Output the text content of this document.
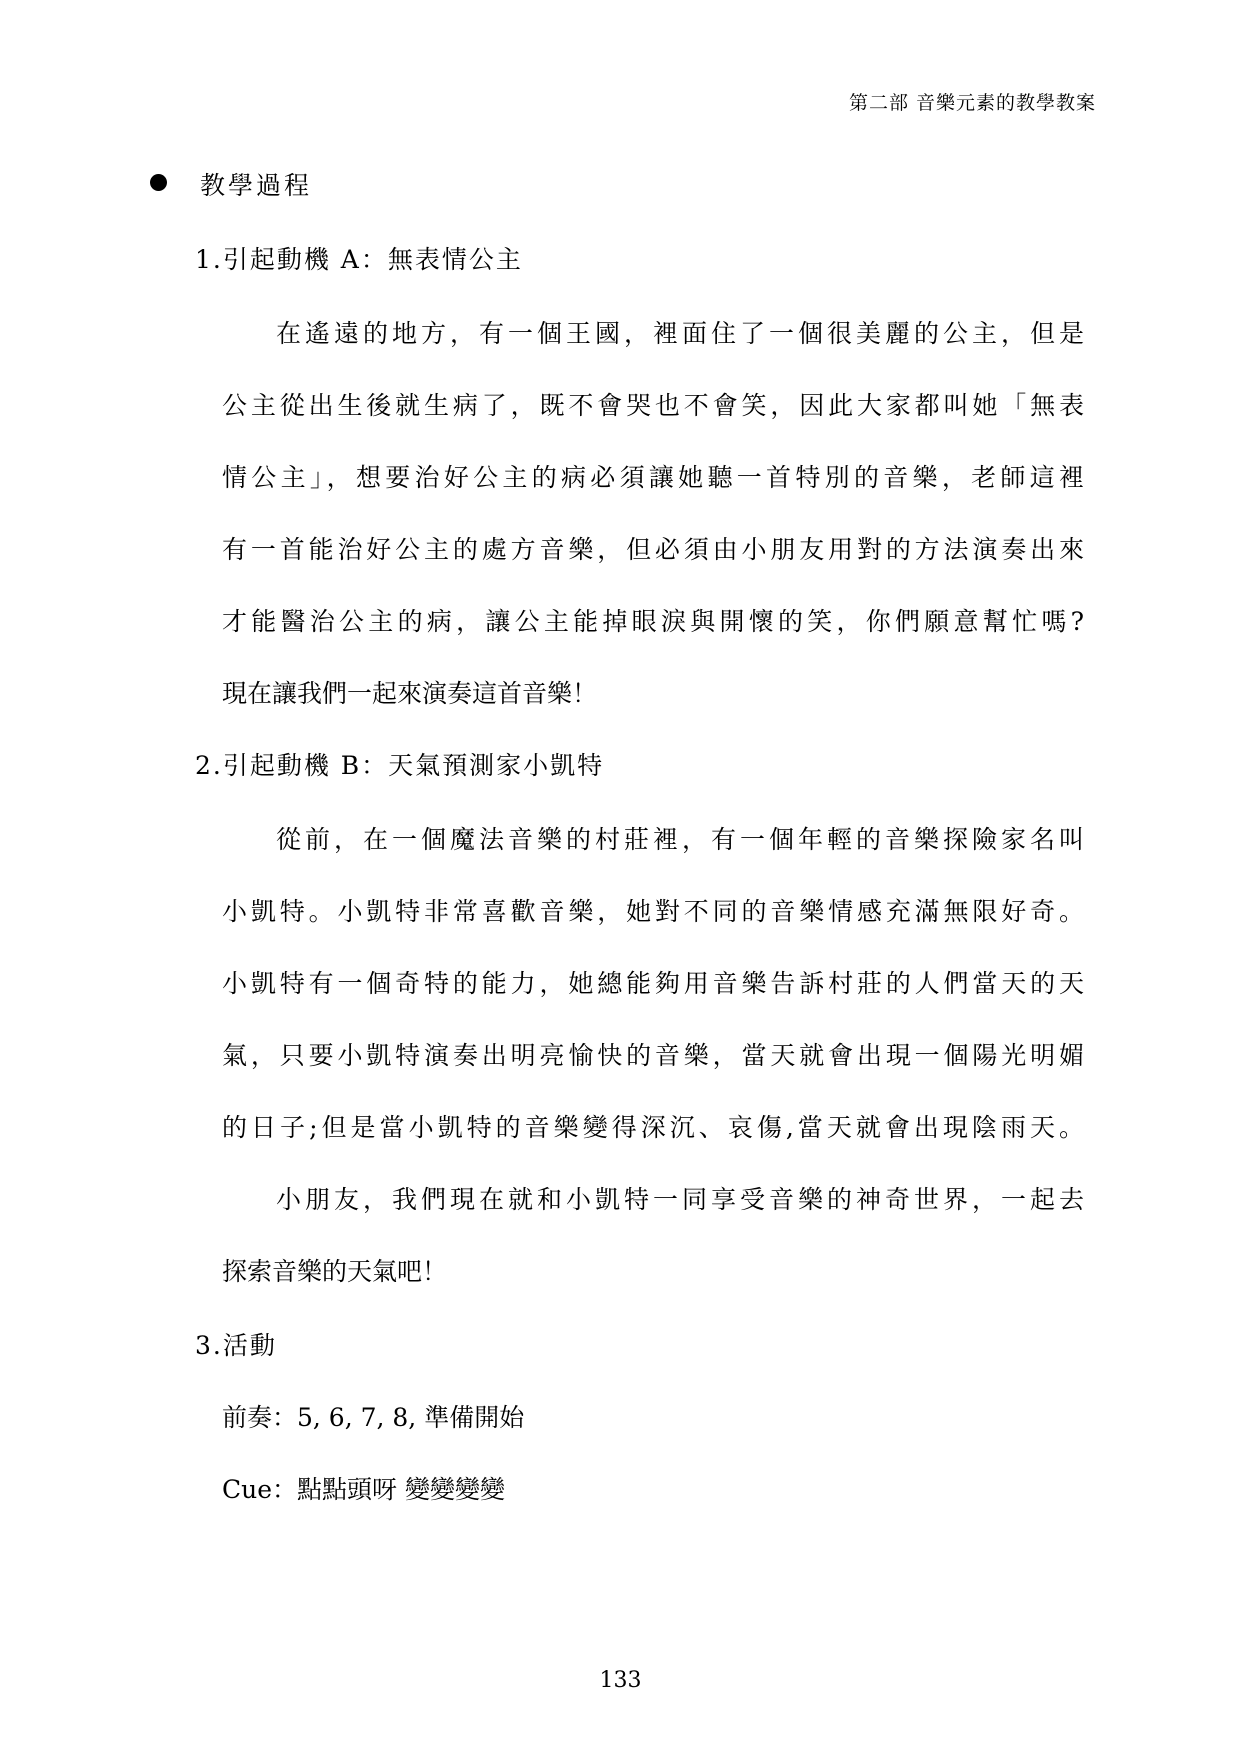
第二部 音樂元素的教學教案
教學過程
1.引起動機 A：無表情公主
在遙遠的地方，有一個王國，裡面住了一個很美麗的公主，但是
公主從出生後就生病了，既不會哭也不會笑，因此大家都叫她「無表
情公主」，想要治好公主的病必須讓她聽一首特別的音樂，老師這裡
有一首能治好公主的處方音樂，但必須由小朋友用對的方法演奏出來
才能醫治公主的病，讓公主能掉眼淚與開懷的笑，你們願意幫忙嗎?
現在讓我們一起來演奏這首音樂！
2.引起動機 B：天氣預測家小凱特
從前，在一個魔法音樂的村莊裡，有一個年輕的音樂探險家名叫
小凱特。小凱特非常喜歡音樂，她對不同的音樂情感充滿無限好奇。
小凱特有一個奇特的能力，她總能夠用音樂告訴村莊的人們當天的天
氣，只要小凱特演奏出明亮愉快的音樂，當天就會出現一個陽光明媚
的日子;但是當小凱特的音樂變得深沉、哀傷,當天就會出現陰雨天。
小朋友，我們現在就和小凱特一同享受音樂的神奇世界，一起去
探索音樂的天氣吧！
3.活動
前奏：5, 6, 7, 8, 準備開始
Cue：點點頭呀 變變變變
133
